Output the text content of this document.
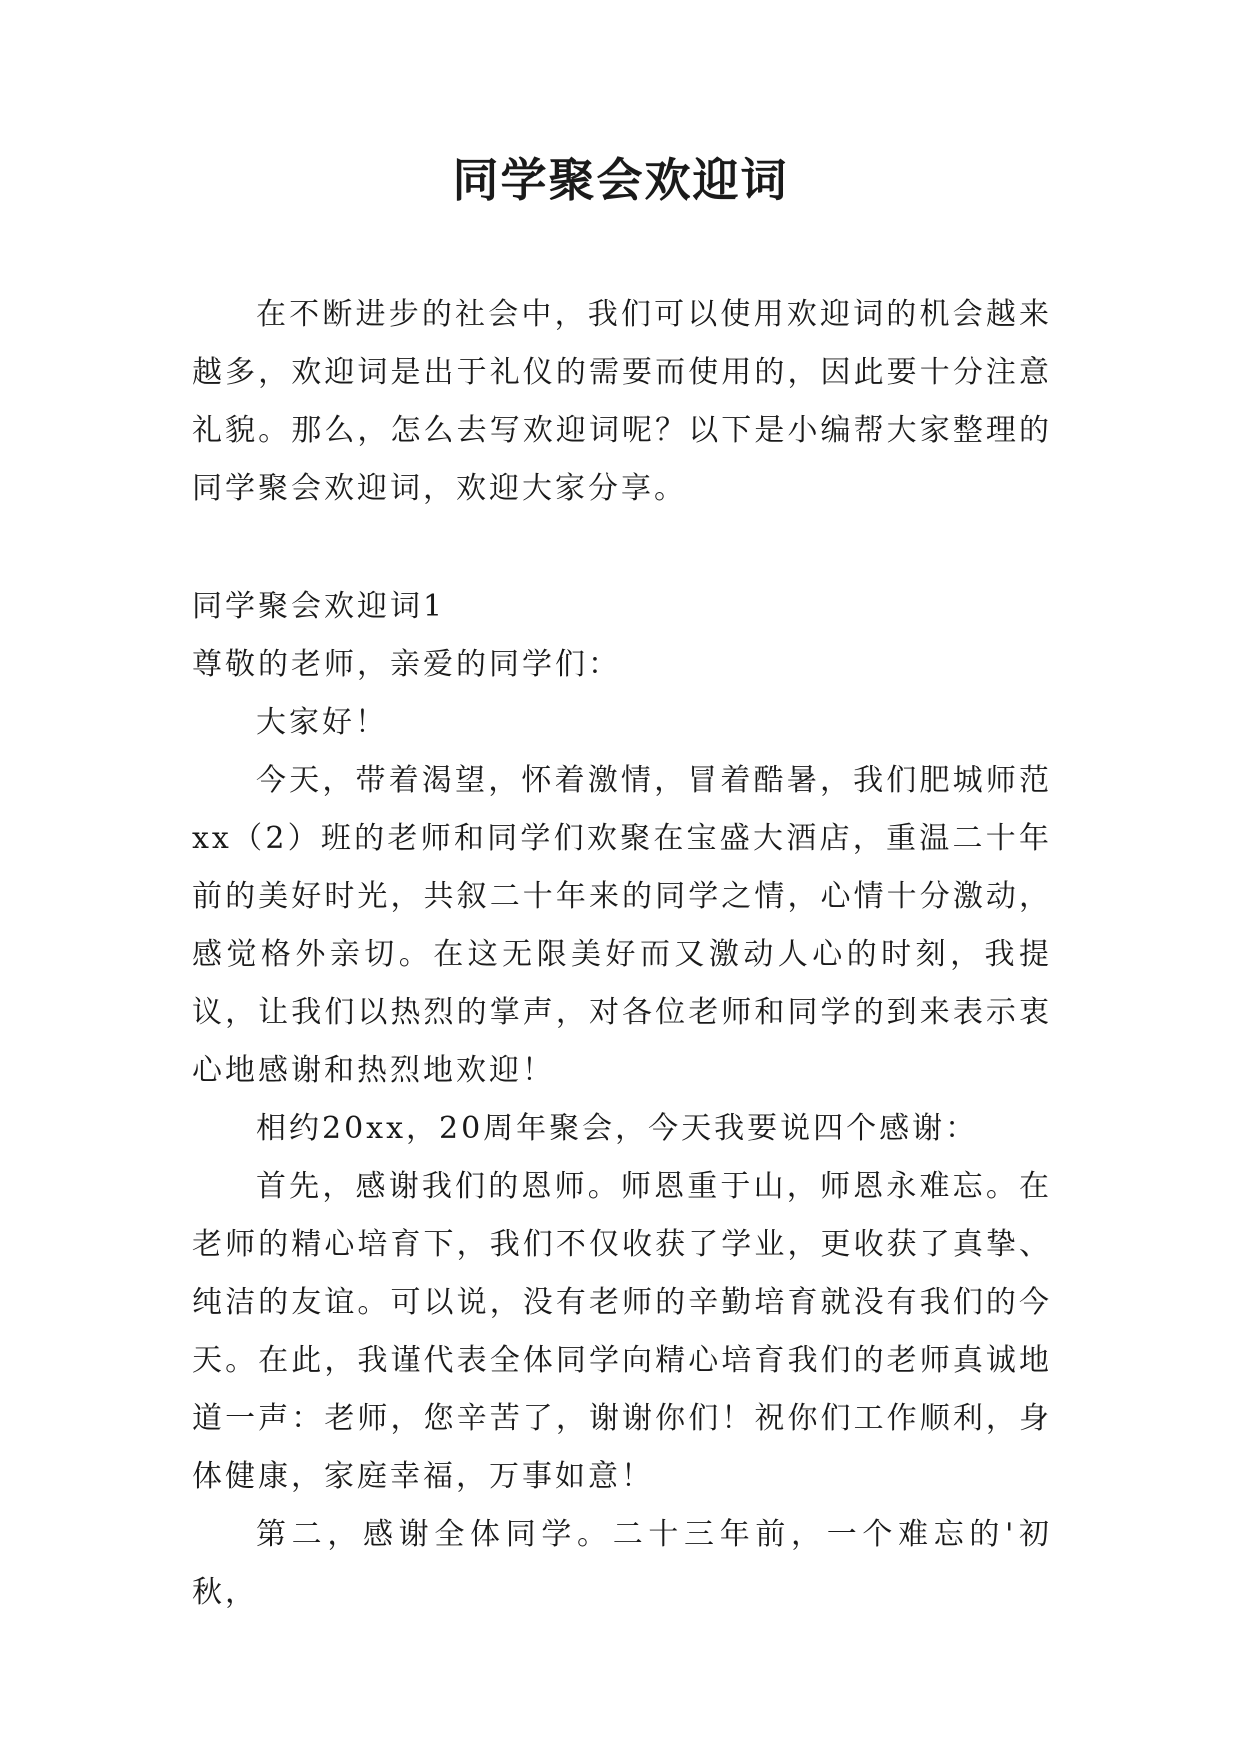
同学聚会欢迎词

在不断进步的社会中，我们可以使用欢迎词的机会越来越多，欢迎词是出于礼仪的需要而使用的，因此要十分注意礼貌。那么，怎么去写欢迎词呢？以下是小编帮大家整理的同学聚会欢迎词，欢迎大家分享。

同学聚会欢迎词1

尊敬的老师，亲爱的同学们：

大家好！

今天，带着渴望，怀着激情，冒着酷暑，我们肥城师范xx（2）班的老师和同学们欢聚在宝盛大酒店，重温二十年前的美好时光，共叙二十年来的同学之情，心情十分激动，感觉格外亲切。在这无限美好而又激动人心的时刻，我提议，让我们以热烈的掌声，对各位老师和同学的到来表示衷心地感谢和热烈地欢迎！

相约20xx，20周年聚会，今天我要说四个感谢：

首先，感谢我们的恩师。师恩重于山，师恩永难忘。在老师的精心培育下，我们不仅收获了学业，更收获了真挚、纯洁的友谊。可以说，没有老师的辛勤培育就没有我们的今天。在此，我谨代表全体同学向精心培育我们的老师真诚地道一声：老师，您辛苦了，谢谢你们！祝你们工作顺利，身体健康，家庭幸福，万事如意！

第二，感谢全体同学。二十三年前，一个难忘的'初秋，
